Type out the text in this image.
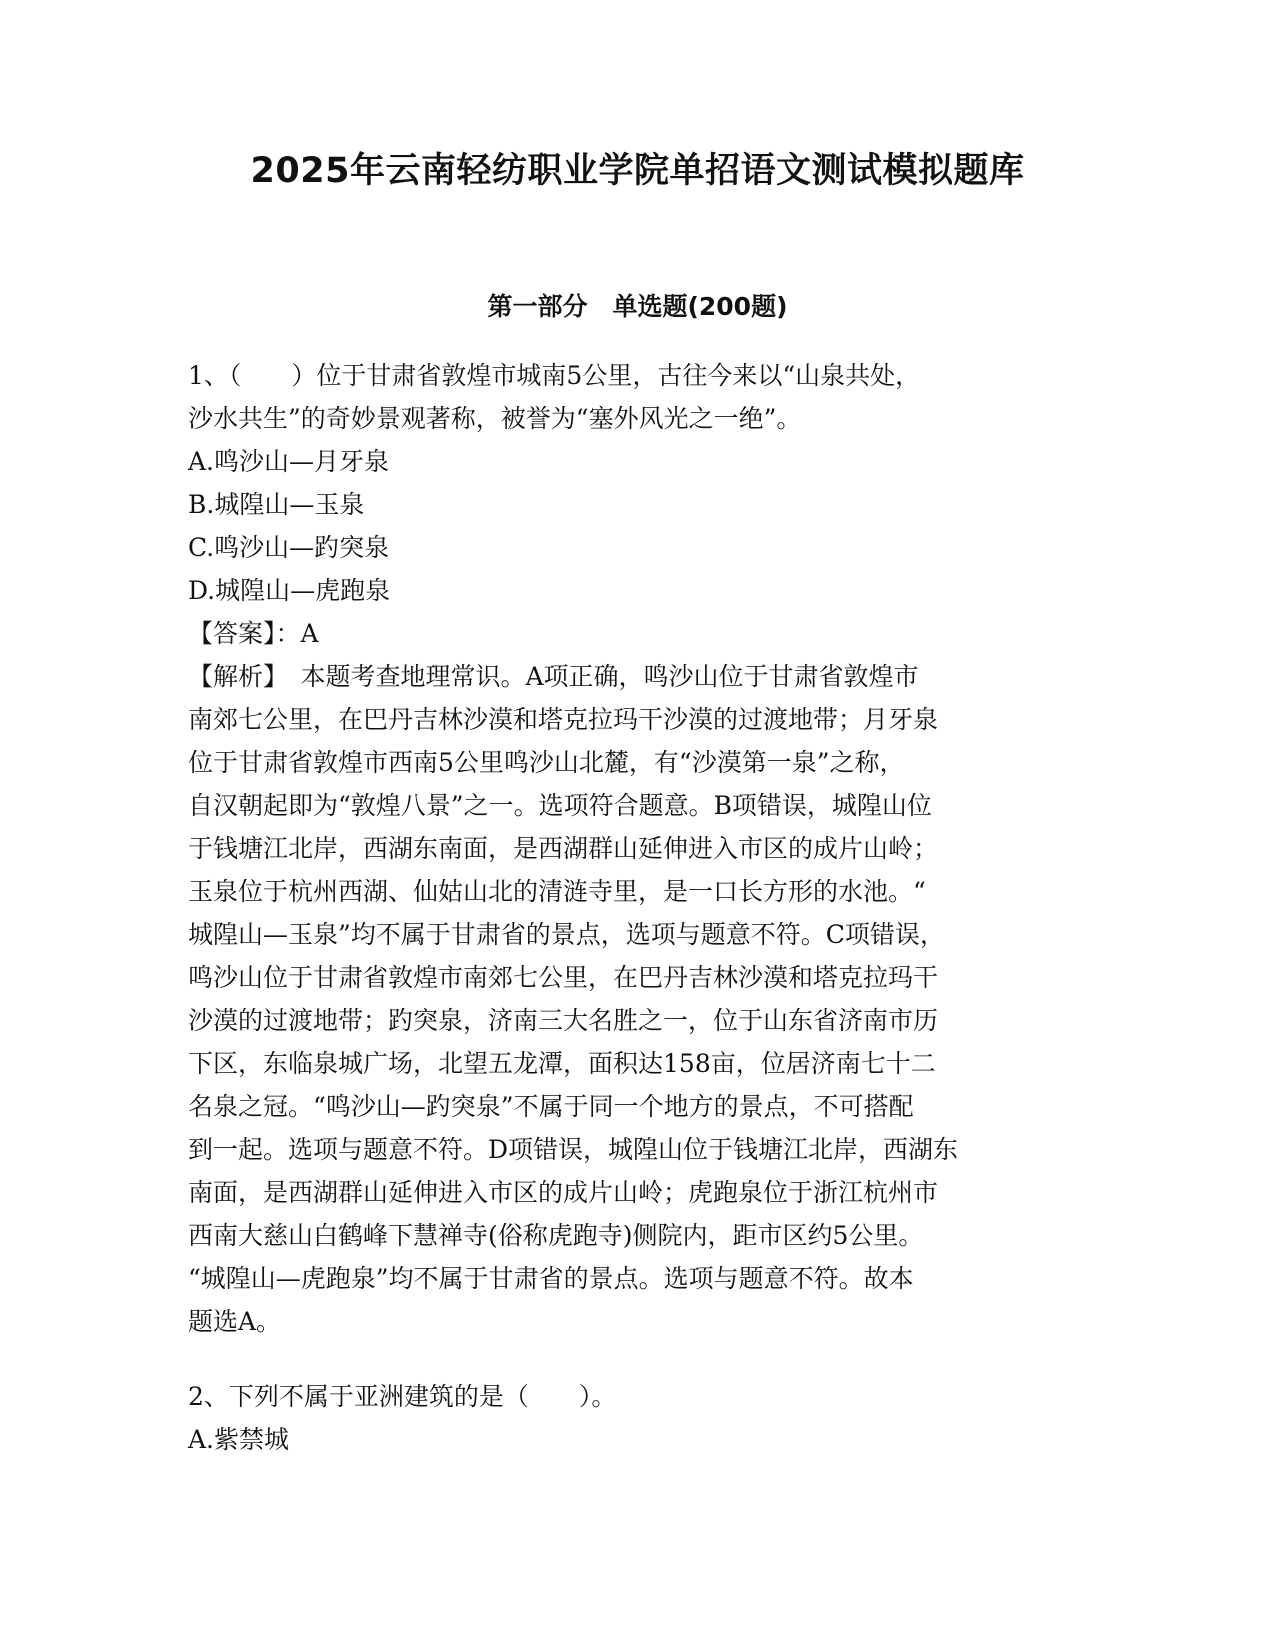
2025年云南轻纺职业学院单招语文测试模拟题库
第一部分　单选题(200题)
1、（　　）位于甘肃省敦煌市城南5公里，古往今来以“山泉共处，
沙水共生”的奇妙景观著称，被誉为“塞外风光之一绝”。
A.鸣沙山—月牙泉
B.城隍山—玉泉
C.鸣沙山—趵突泉
D.城隍山—虎跑泉
【答案】：A
【解析】　本题考查地理常识。A项正确，鸣沙山位于甘肃省敦煌市
南郊七公里，在巴丹吉林沙漠和塔克拉玛干沙漠的过渡地带；月牙泉
位于甘肃省敦煌市西南5公里鸣沙山北麓，有“沙漠第一泉”之称，
自汉朝起即为“敦煌八景”之一。选项符合题意。B项错误，城隍山位
于钱塘江北岸，西湖东南面，是西湖群山延伸进入市区的成片山岭；
玉泉位于杭州西湖、仙姑山北的清涟寺里，是一口长方形的水池。“
城隍山—玉泉”均不属于甘肃省的景点，选项与题意不符。C项错误，
鸣沙山位于甘肃省敦煌市南郊七公里，在巴丹吉林沙漠和塔克拉玛干
沙漠的过渡地带；趵突泉，济南三大名胜之一，位于山东省济南市历
下区，东临泉城广场，北望五龙潭，面积达158亩，位居济南七十二
名泉之冠。“鸣沙山—趵突泉”不属于同一个地方的景点，不可搭配
到一起。选项与题意不符。D项错误，城隍山位于钱塘江北岸，西湖东
南面，是西湖群山延伸进入市区的成片山岭；虎跑泉位于浙江杭州市
西南大慈山白鹤峰下慧禅寺(俗称虎跑寺)侧院内，距市区约5公里。
“城隍山—虎跑泉”均不属于甘肃省的景点。选项与题意不符。故本
题选A。
2、下列不属于亚洲建筑的是（　　）。
A.紫禁城
